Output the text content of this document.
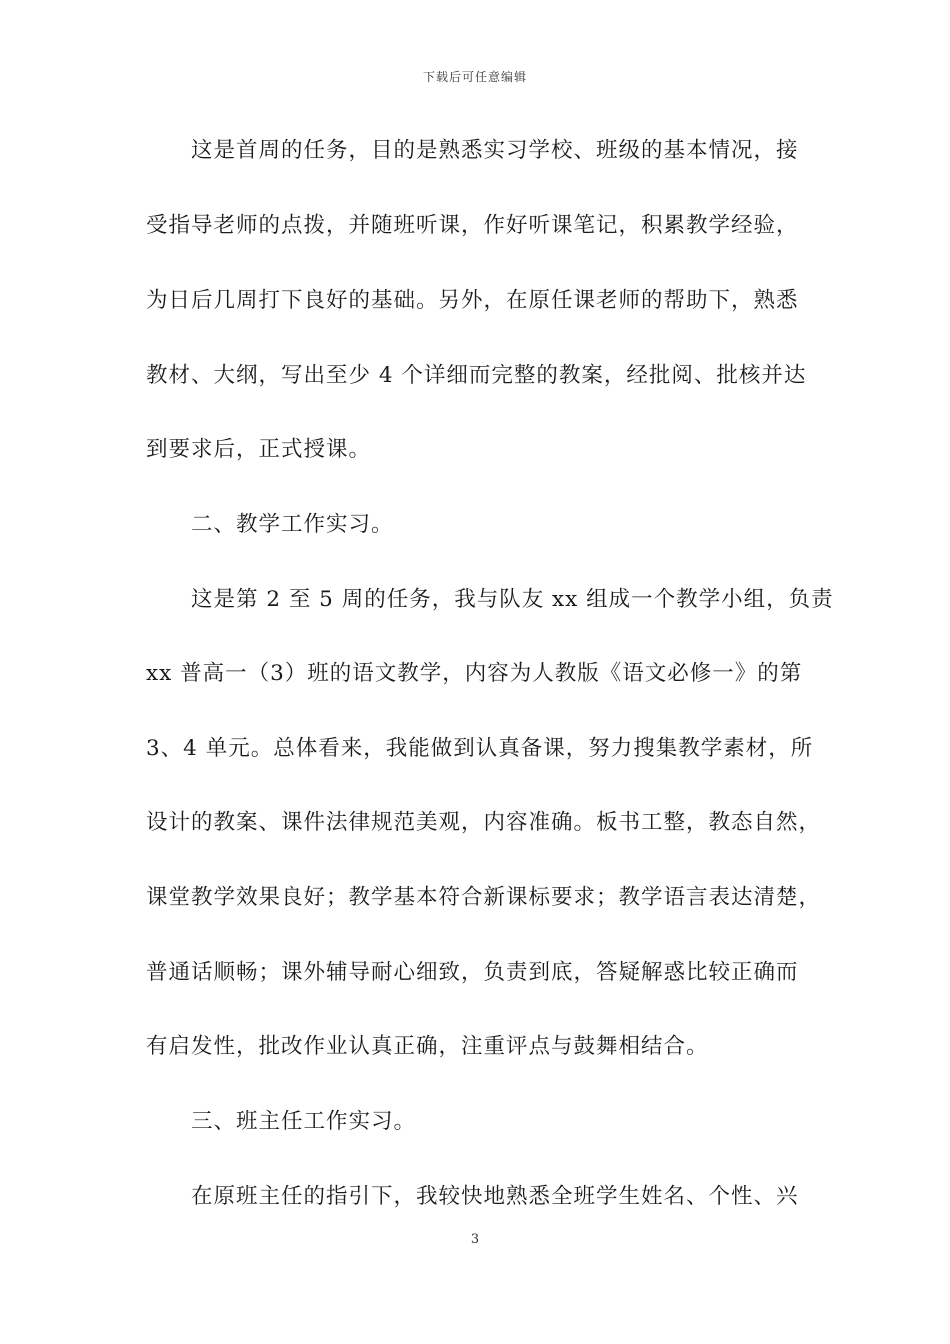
下载后可任意编辑
　　这是首周的任务，目的是熟悉实习学校、班级的基本情况，接
受指导老师的点拨，并随班听课，作好听课笔记，积累教学经验，
为日后几周打下良好的基础。另外，在原任课老师的帮助下，熟悉
教材、大纲，写出至少 4 个详细而完整的教案，经批阅、批核并达
到要求后，正式授课。
　　二、教学工作实习。
　　这是第 2 至 5 周的任务，我与队友 xx 组成一个教学小组，负责
xx 普高一（3）班的语文教学，内容为人教版《语文必修一》的第
3、4 单元。总体看来，我能做到认真备课，努力搜集教学素材，所
设计的教案、课件法律规范美观，内容准确。板书工整，教态自然，
课堂教学效果良好；教学基本符合新课标要求；教学语言表达清楚，
普通话顺畅；课外辅导耐心细致，负责到底，答疑解惑比较正确而
有启发性，批改作业认真正确，注重评点与鼓舞相结合。
　　三、班主任工作实习。
　　在原班主任的指引下，我较快地熟悉全班学生姓名、个性、兴
3
